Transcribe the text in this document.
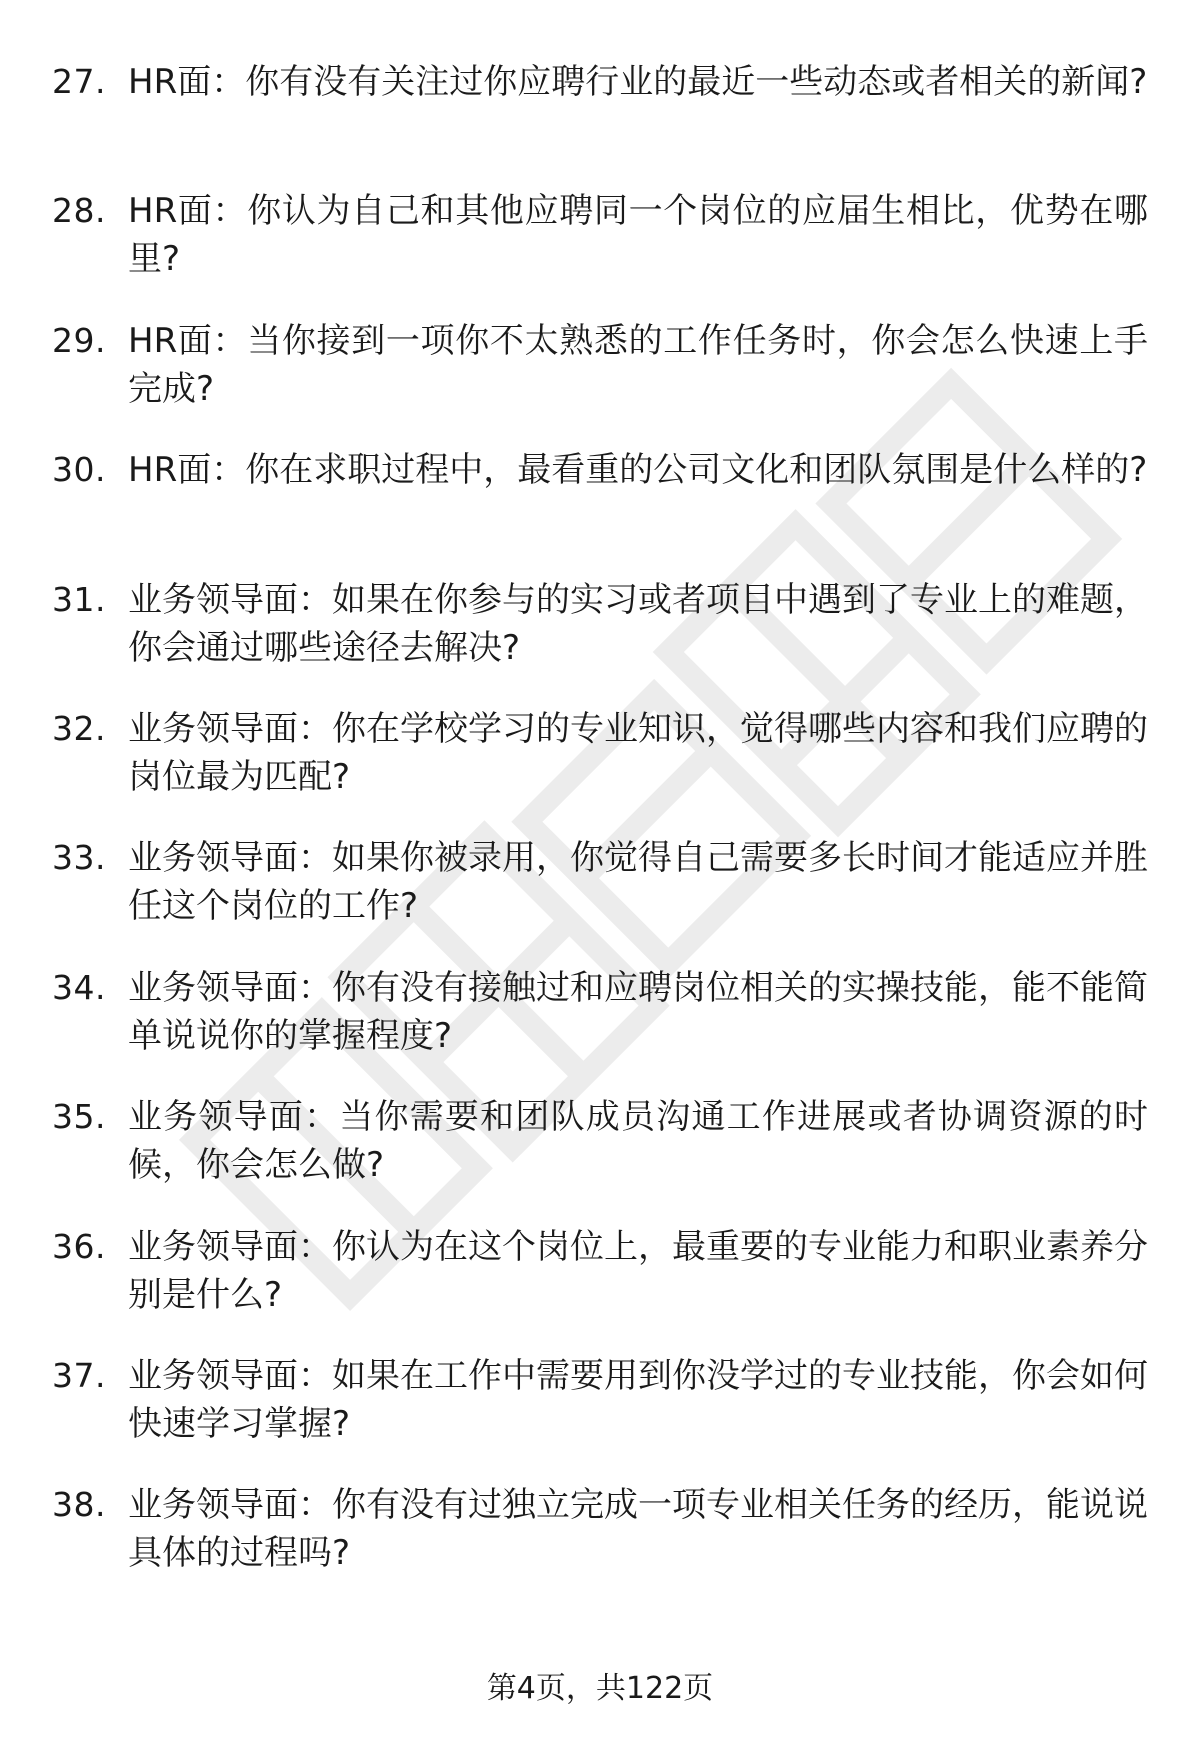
27. HR面：你有没有关注过你应聘行业的最近一些动态或者相关的新闻?
28. HR面：你认为自己和其他应聘同一个岗位的应届生相比，优势在哪里?
29. HR面：当你接到一项你不太熟悉的工作任务时，你会怎么快速上手完成?
30. HR面：你在求职过程中，最看重的公司文化和团队氛围是什么样的?
31. 业务领导面：如果在你参与的实习或者项目中遇到了专业上的难题，你会通过哪些途径去解决?
32. 业务领导面：你在学校学习的专业知识，觉得哪些内容和我们应聘的岗位最为匹配?
33. 业务领导面：如果你被录用，你觉得自己需要多长时间才能适应并胜任这个岗位的工作?
34. 业务领导面：你有没有接触过和应聘岗位相关的实操技能，能不能简单说说你的掌握程度?
35. 业务领导面：当你需要和团队成员沟通工作进展或者协调资源的时候，你会怎么做?
36. 业务领导面：你认为在这个岗位上，最重要的专业能力和职业素养分别是什么?
37. 业务领导面：如果在工作中需要用到你没学过的专业技能，你会如何快速学习掌握?
38. 业务领导面：你有没有过独立完成一项专业相关任务的经历，能说说具体的过程吗?
第4页，共122页
